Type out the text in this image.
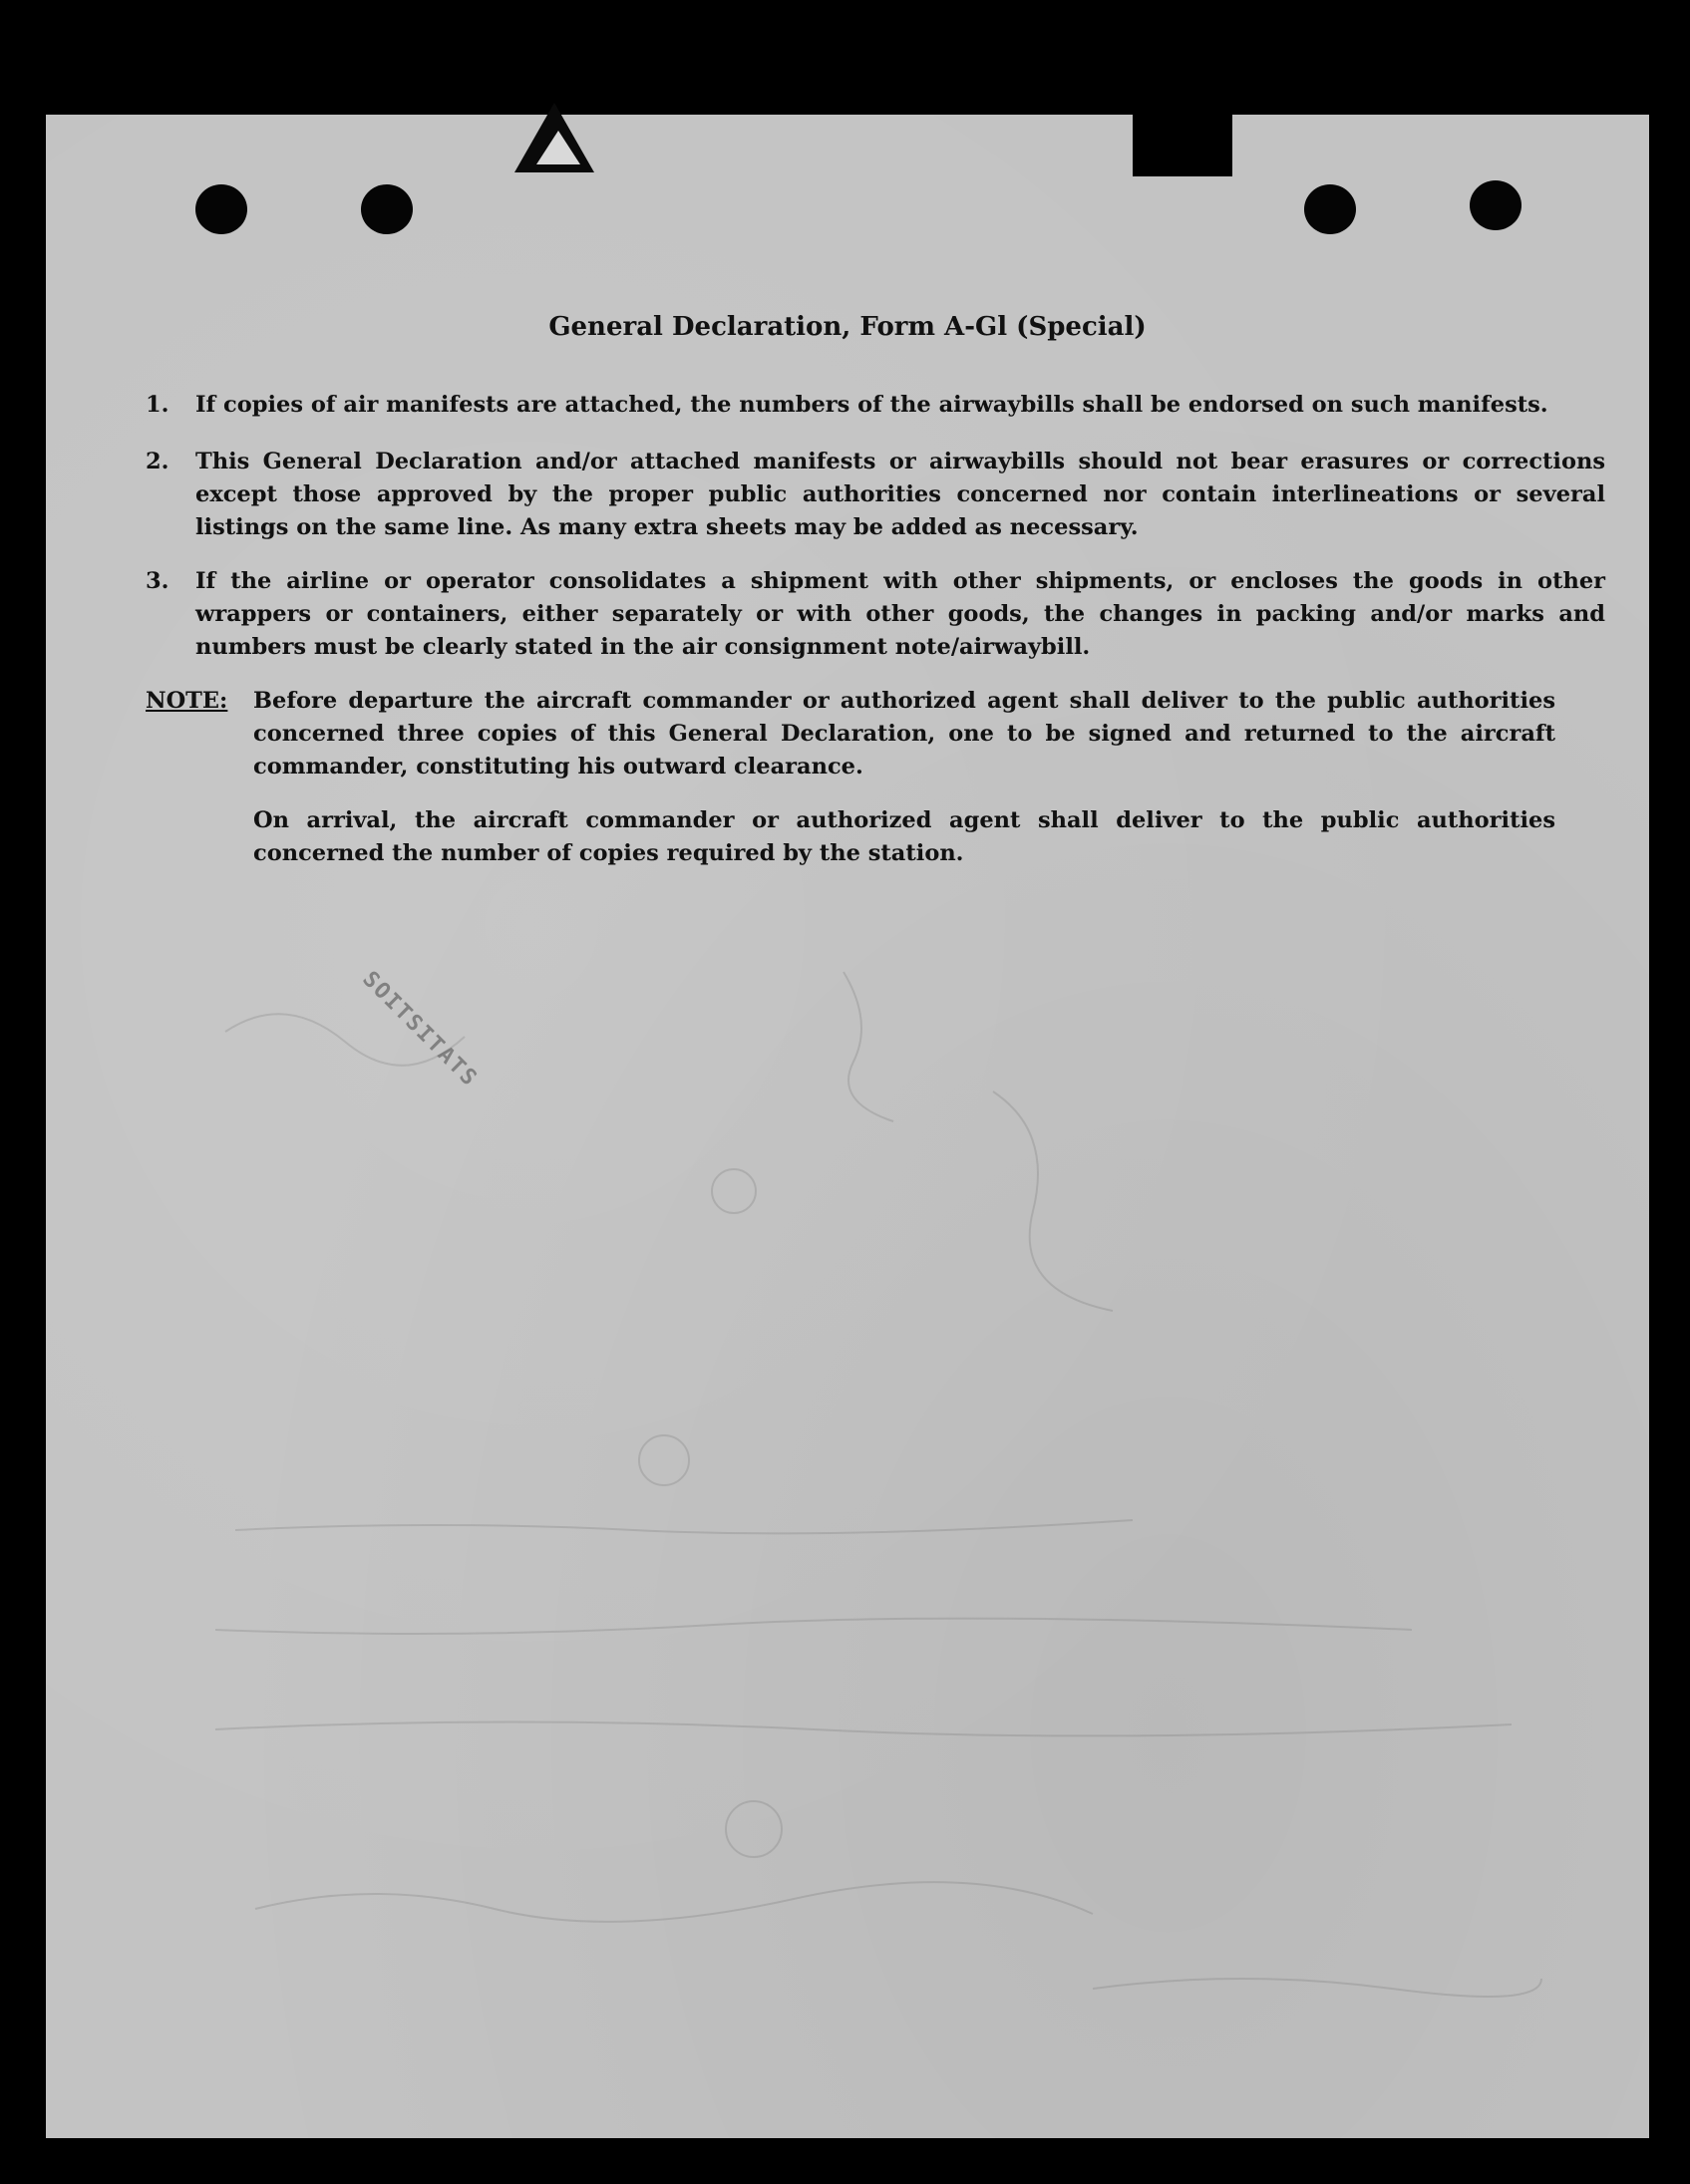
General Declaration, Form A-Gl (Special)
1.	If copies of air manifests are attached, the numbers of the airwaybills shall be endorsed on such manifests.
2.	This General Declaration and/or attached manifests or airwaybills should not bear erasures or corrections except those approved by the proper public authorities concerned nor contain interlineations or several listings on the same line. As many extra sheets may be added as necessary.
3.	If the airline or operator consolidates a shipment with other shipments, or encloses the goods in other wrappers or containers, either separately or with other goods, the changes in packing and/or marks and numbers must be clearly stated in the air consignment note/airwaybill.
NOTE: Before departure the aircraft commander or authorized agent shall deliver to the public authorities concerned three copies of this General Declaration, one to be signed and returned to the aircraft commander, constituting his outward clearance.
On arrival, the aircraft commander or authorized agent shall deliver to the public authorities concerned the number of copies required by the station.
SOITSITATS
